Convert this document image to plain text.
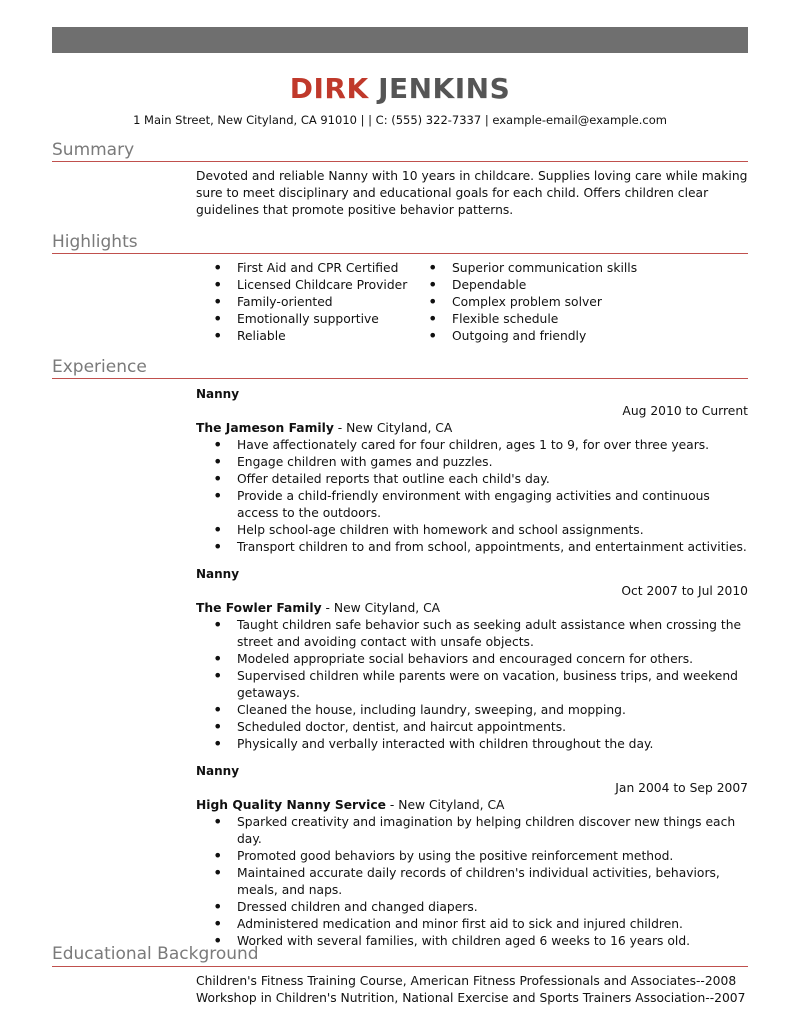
DIRK JENKINS
1 Main Street, New Cityland, CA 91010 | | C: (555) 322-7337 | example-email@example.com
Summary
Devoted and reliable Nanny with 10 years in childcare. Supplies loving care while making sure to meet disciplinary and educational goals for each child. Offers children clear guidelines that promote positive behavior patterns.
Highlights
• First Aid and CPR Certified
• Licensed Childcare Provider
• Family-oriented
• Emotionally supportive
• Reliable
• Superior communication skills
• Dependable
• Complex problem solver
• Flexible schedule
• Outgoing and friendly
Experience
Nanny
Aug 2010 to Current
The Jameson Family - New Cityland, CA
• Have affectionately cared for four children, ages 1 to 9, for over three years.
• Engage children with games and puzzles.
• Offer detailed reports that outline each child's day.
• Provide a child-friendly environment with engaging activities and continuous access to the outdoors.
• Help school-age children with homework and school assignments.
• Transport children to and from school, appointments, and entertainment activities.
Nanny
Oct 2007 to Jul 2010
The Fowler Family - New Cityland, CA
• Taught children safe behavior such as seeking adult assistance when crossing the street and avoiding contact with unsafe objects.
• Modeled appropriate social behaviors and encouraged concern for others.
• Supervised children while parents were on vacation, business trips, and weekend getaways.
• Cleaned the house, including laundry, sweeping, and mopping.
• Scheduled doctor, dentist, and haircut appointments.
• Physically and verbally interacted with children throughout the day.
Nanny
Jan 2004 to Sep 2007
High Quality Nanny Service - New Cityland, CA
• Sparked creativity and imagination by helping children discover new things each day.
• Promoted good behaviors by using the positive reinforcement method.
• Maintained accurate daily records of children's individual activities, behaviors, meals, and naps.
• Dressed children and changed diapers.
• Administered medication and minor first aid to sick and injured children.
• Worked with several families, with children aged 6 weeks to 16 years old.
Educational Background
Children's Fitness Training Course, American Fitness Professionals and Associates--2008
Workshop in Children's Nutrition, National Exercise and Sports Trainers Association--2007
